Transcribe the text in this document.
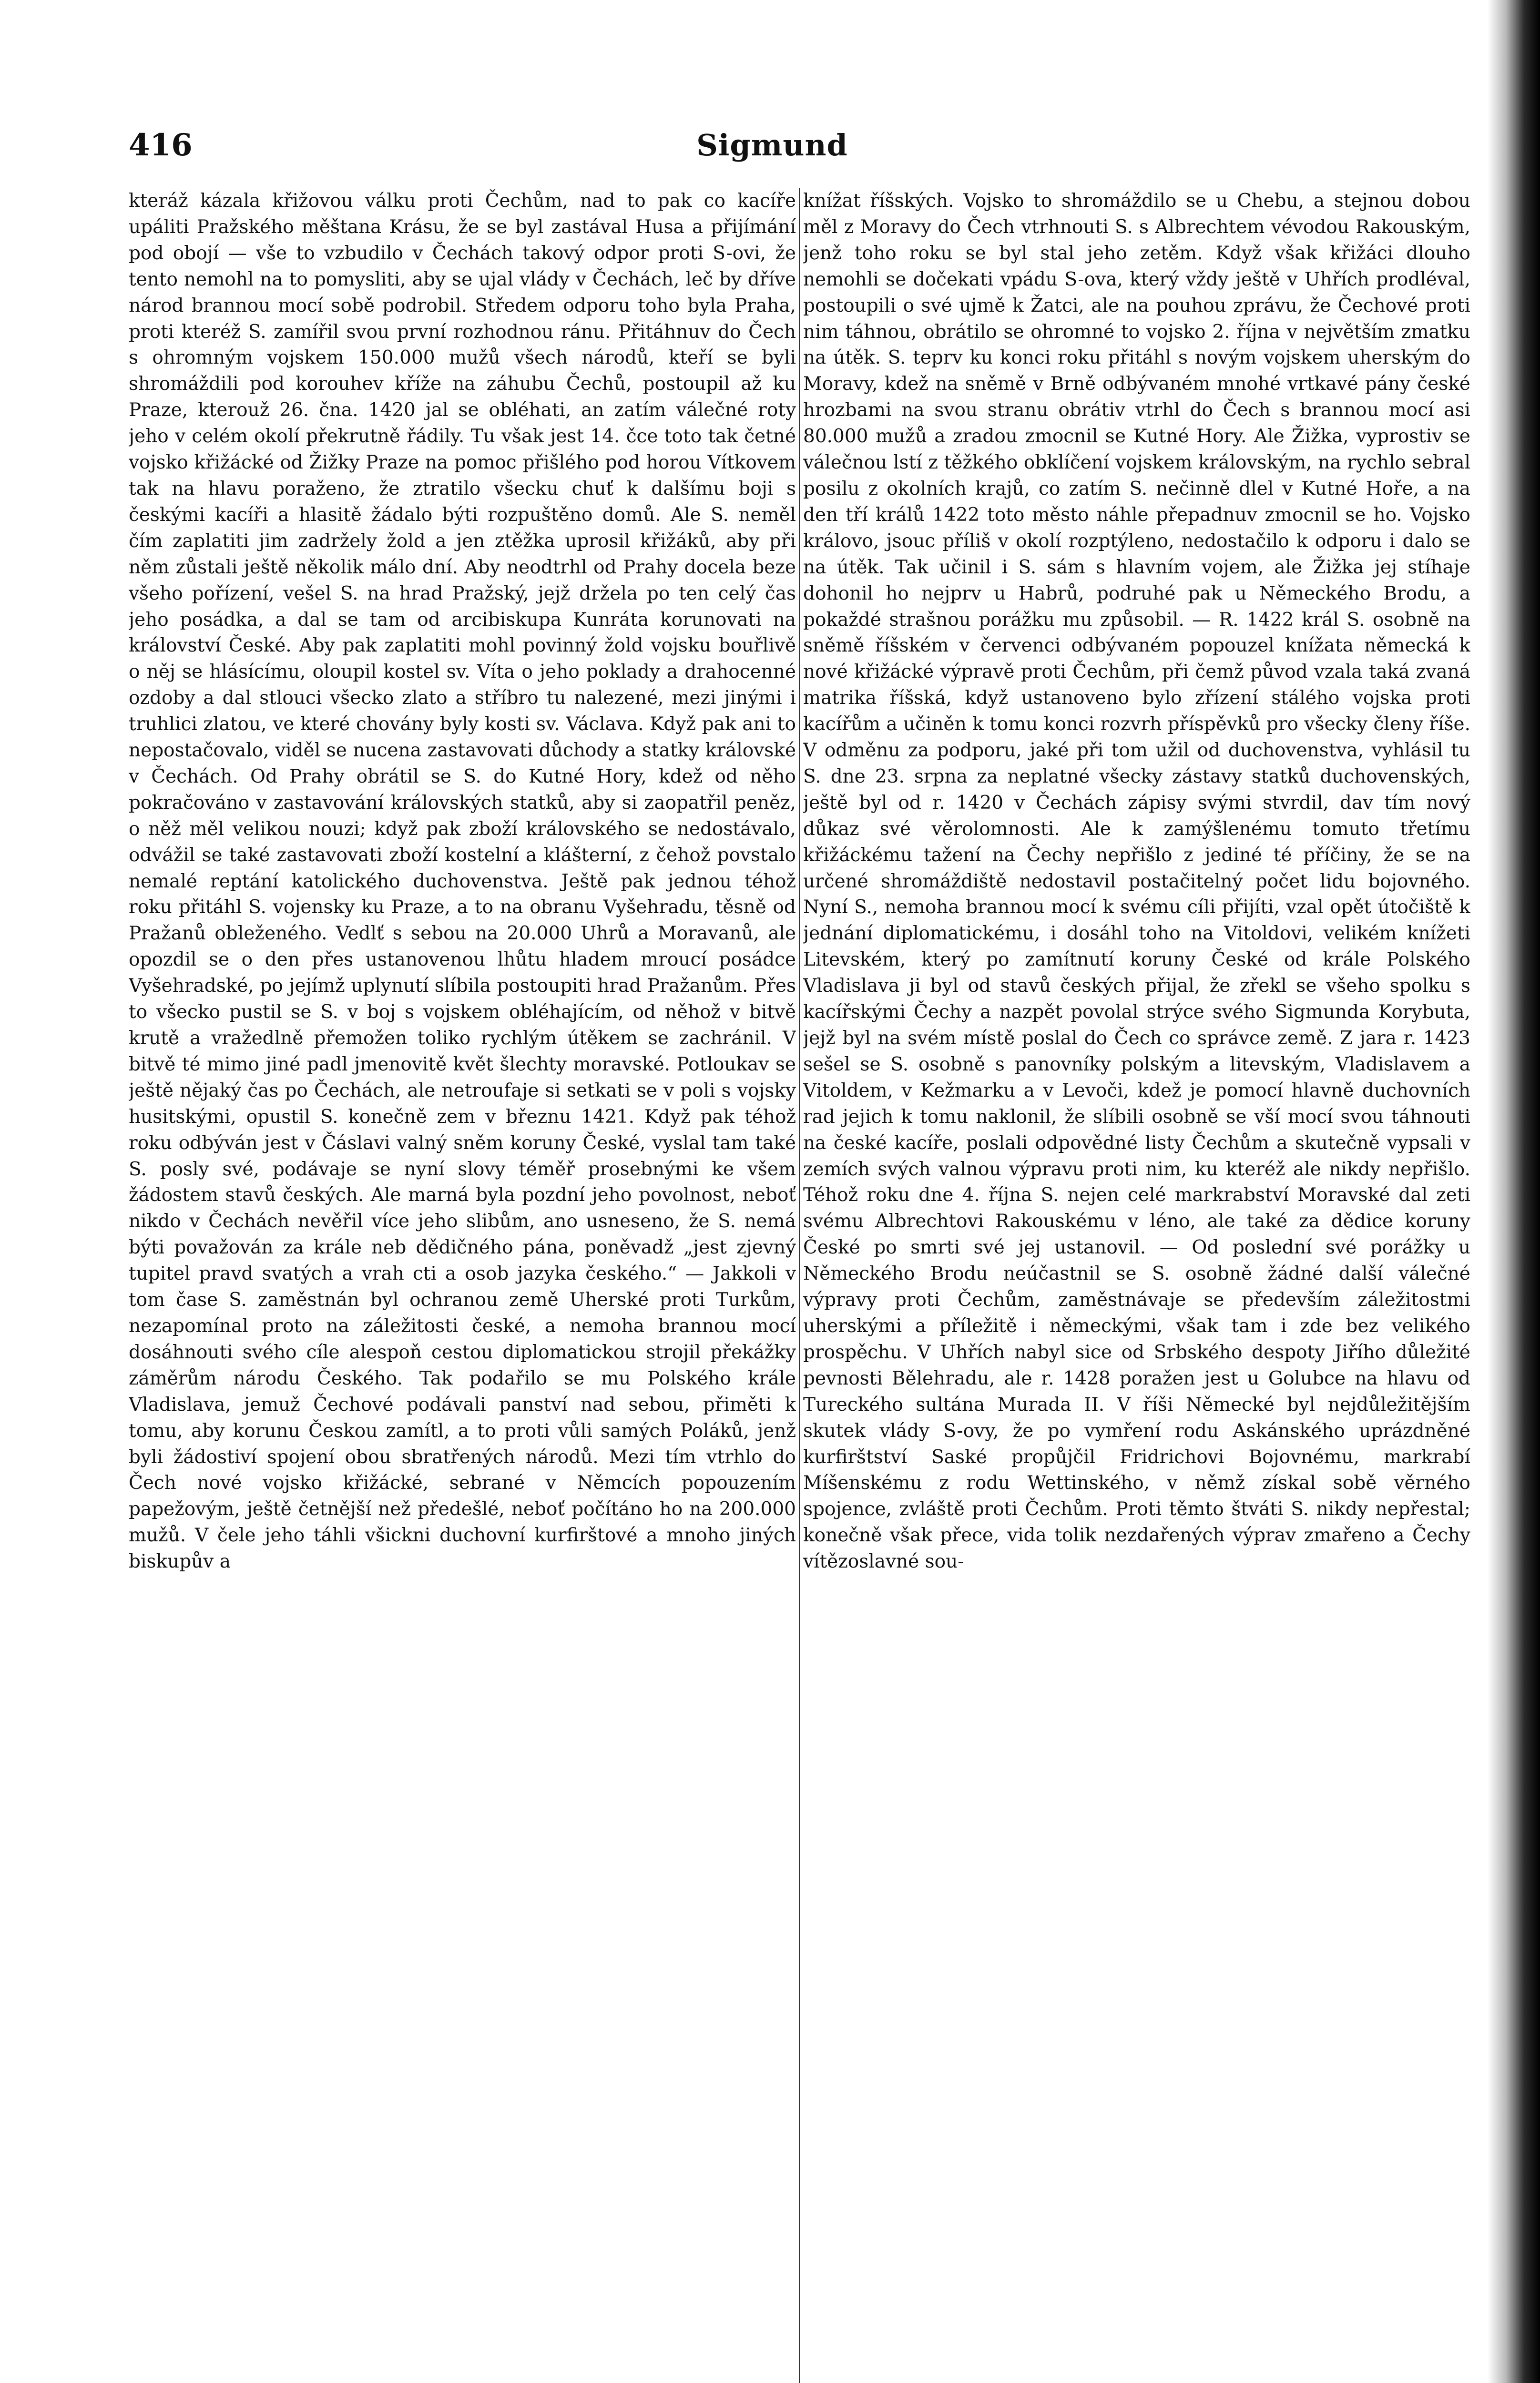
416	Sigmund

kteráž kázala křižovou válku proti Čechům, nad to pak co kacíře upáliti Pražského měštana Krásu, že se byl zastával Husa a přijímání pod obojí — vše to vzbudilo v Čechách takový odpor proti S-ovi, že tento nemohl na to pomysliti, aby se ujal vlády v Čechách, leč by dříve národ brannou mocí sobě podrobil. Středem odporu toho byla Praha, proti kteréž S. zamířil svou první rozhodnou ránu. Přitáhnuv do Čech s ohromným vojskem 150.000 mužů všech národů, kteří se byli shromáždili pod korouhev kříže na záhubu Čechů, postoupil až ku Praze, kterouž 26. čna. 1420 jal se obléhati, an zatím válečné roty jeho v celém okolí překrutně řádily. Tu však jest 14. čce toto tak četné vojsko křižácké od Žižky Praze na pomoc přišlého pod horou Vítkovem tak na hlavu poraženo, že ztratilo všecku chuť k dalšímu boji s českými kacíři a hlasitě žádalo býti rozpuštěno domů. Ale S. neměl čím zaplatiti jim zadržely žold a jen ztěžka uprosil křižáků, aby při něm zůstali ještě několik málo dní. Aby neodtrhl od Prahy docela beze všeho pořízení, vešel S. na hrad Pražský, jejž držela po ten celý čas jeho posádka, a dal se tam od arcibiskupa Kunráta korunovati na království České. Aby pak zaplatiti mohl povinný žold vojsku bouřlivě o něj se hlásícímu, oloupil kostel sv. Víta o jeho poklady a drahocenné ozdoby a dal stlouci všecko zlato a stříbro tu nalezené, mezi jinými i truhlici zlatou, ve které chovány byly kosti sv. Václava. Když pak ani to nepostačovalo, viděl se nucena zastavovati důchody a statky královské v Čechách. Od Prahy obrátil se S. do Kutné Hory, kdež od něho pokračováno v zastavování královských statků, aby si zaopatřil peněz, o něž měl velikou nouzi; když pak zboží královského se nedostávalo, odvážil se také zastavovati zboží kostelní a klášterní, z čehož povstalo nemalé reptání katolického duchovenstva. Ještě pak jednou téhož roku přitáhl S. vojensky ku Praze, a to na obranu Vyšehradu, těsně od Pražanů obleženého. Vedlť s sebou na 20.000 Uhrů a Moravanů, ale opozdil se o den přes ustanovenou lhůtu hladem mroucí posádce Vyšehradské, po jejímž uplynutí slíbila postoupiti hrad Pražanům. Přes to všecko pustil se S. v boj s vojskem obléhajícím, od něhož v bitvě krutě a vražedlně přemožen toliko rychlým útěkem se zachránil. V bitvě té mimo jiné padl jmenovitě květ šlechty moravské. Potloukav se ještě nějaký čas po Čechách, ale netroufaje si setkati se v poli s vojsky husitskými, opustil S. konečně zem v březnu 1421. Když pak téhož roku odbýván jest v Čáslavi valný sněm koruny České, vyslal tam také S. posly své, podávaje se nyní slovy téměř prosebnými ke všem žádostem stavů českých. Ale marná byla pozdní jeho povolnost, neboť nikdo v Čechách nevěřil více jeho slibům, ano usneseno, že S. nemá býti považován za krále neb dědičného pána, poněvadž „jest zjevný tupitel pravd svatých a vrah cti a osob jazyka českého.“ — Jakkoli v tom čase S. zaměstnán byl ochranou země Uherské proti Turkům, nezapomínal proto na záležitosti české, a nemoha brannou mocí dosáhnouti svého cíle alespoň cestou diplomatickou strojil překážky záměrům národu Českého. Tak podařilo se mu Polského krále Vladislava, jemuž Čechové podávali panství nad sebou, přiměti k tomu, aby korunu Českou zamítl, a to proti vůli samých Poláků, jenž byli žádostiví spojení obou sbratřených národů. Mezi tím vtrhlo do Čech nové vojsko křižácké, sebrané v Němcích popouzením papežovým, ještě četnější než předešlé, neboť počítáno ho na 200.000 mužů. V čele jeho táhli všickni duchovní kurfirštové a mnoho jiných biskupův a

knížat říšských. Vojsko to shromáždilo se u Chebu, a stejnou dobou měl z Moravy do Čech vtrhnouti S. s Albrechtem vévodou Rakouským, jenž toho roku se byl stal jeho zetěm. Když však křižáci dlouho nemohli se dočekati vpádu S-ova, který vždy ještě v Uhřích prodléval, postoupili o své ujmě k Žatci, ale na pouhou zprávu, že Čechové proti nim táhnou, obrátilo se ohromné to vojsko 2. října v největším zmatku na útěk. S. teprv ku konci roku přitáhl s novým vojskem uherským do Moravy, kdež na sněmě v Brně odbývaném mnohé vrtkavé pány české hrozbami na svou stranu obrátiv vtrhl do Čech s brannou mocí asi 80.000 mužů a zradou zmocnil se Kutné Hory. Ale Žižka, vyprostiv se válečnou lstí z těžkého obklíčení vojskem královským, na rychlo sebral posilu z okolních krajů, co zatím S. nečinně dlel v Kutné Hoře, a na den tří králů 1422 toto město náhle přepadnuv zmocnil se ho. Vojsko královo, jsouc příliš v okolí rozptýleno, nedostačilo k odporu i dalo se na útěk. Tak učinil i S. sám s hlavním vojem, ale Žižka jej stíhaje dohonil ho nejprv u Habrů, podruhé pak u Německého Brodu, a pokaždé strašnou porážku mu způsobil. — R. 1422 král S. osobně na sněmě říšském v červenci odbývaném popouzel knížata německá k nové křižácké výpravě proti Čechům, při čemž původ vzala taká zvaná matrika říšská, když ustanoveno bylo zřízení stálého vojska proti kacířům a učiněn k tomu konci rozvrh příspěvků pro všecky členy říše. V odměnu za podporu, jaké při tom užil od duchovenstva, vyhlásil tu S. dne 23. srpna za neplatné všecky zástavy statků duchovenských, ještě byl od r. 1420 v Čechách zápisy svými stvrdil, dav tím nový důkaz své věrolomnosti. Ale k zamýšlenému tomuto třetímu křižáckému tažení na Čechy nepřišlo z jediné té příčiny, že se na určené shromáždiště nedostavil postačitelný počet lidu bojovného. Nyní S., nemoha brannou mocí k svému cíli přijíti, vzal opět útočiště k jednání diplomatickému, i dosáhl toho na Vitoldovi, velikém knížeti Litevském, který po zamítnutí koruny České od krále Polského Vladislava ji byl od stavů českých přijal, že zřekl se všeho spolku s kacířskými Čechy a nazpět povolal strýce svého Sigmunda Korybuta, jejž byl na svém místě poslal do Čech co správce země. Z jara r. 1423 sešel se S. osobně s panovníky polským a litevským, Vladislavem a Vitoldem, v Kežmarku a v Levoči, kdež je pomocí hlavně duchovních rad jejich k tomu naklonil, že slíbili osobně se vší mocí svou táhnouti na české kacíře, poslali odpovědné listy Čechům a skutečně vypsali v zemích svých valnou výpravu proti nim, ku kteréž ale nikdy nepřišlo. Téhož roku dne 4. října S. nejen celé markrabství Moravské dal zeti svému Albrechtovi Rakouskému v léno, ale také za dědice koruny České po smrti své jej ustanovil. — Od poslední své porážky u Německého Brodu neúčastnil se S. osobně žádné další válečné výpravy proti Čechům, zaměstnávaje se především záležitostmi uherskými a příležitě i německými, však tam i zde bez velikého prospěchu. V Uhřích nabyl sice od Srbského despoty Jiřího důležité pevnosti Bělehradu, ale r. 1428 poražen jest u Golubce na hlavu od Tureckého sultána Murada II. V říši Německé byl nejdůležitějším skutek vlády S-ovy, že po vymření rodu Askánského uprázdněné kurfirštství Saské propůjčil Fridrichovi Bojovnému, markrabí Míšenskému z rodu Wettinského, v němž získal sobě věrného spojence, zvláště proti Čechům. Proti těmto štváti S. nikdy nepřestal; konečně však přece, vida tolik nezdařených výprav zmařeno a Čechy vítězoslavné sou-
